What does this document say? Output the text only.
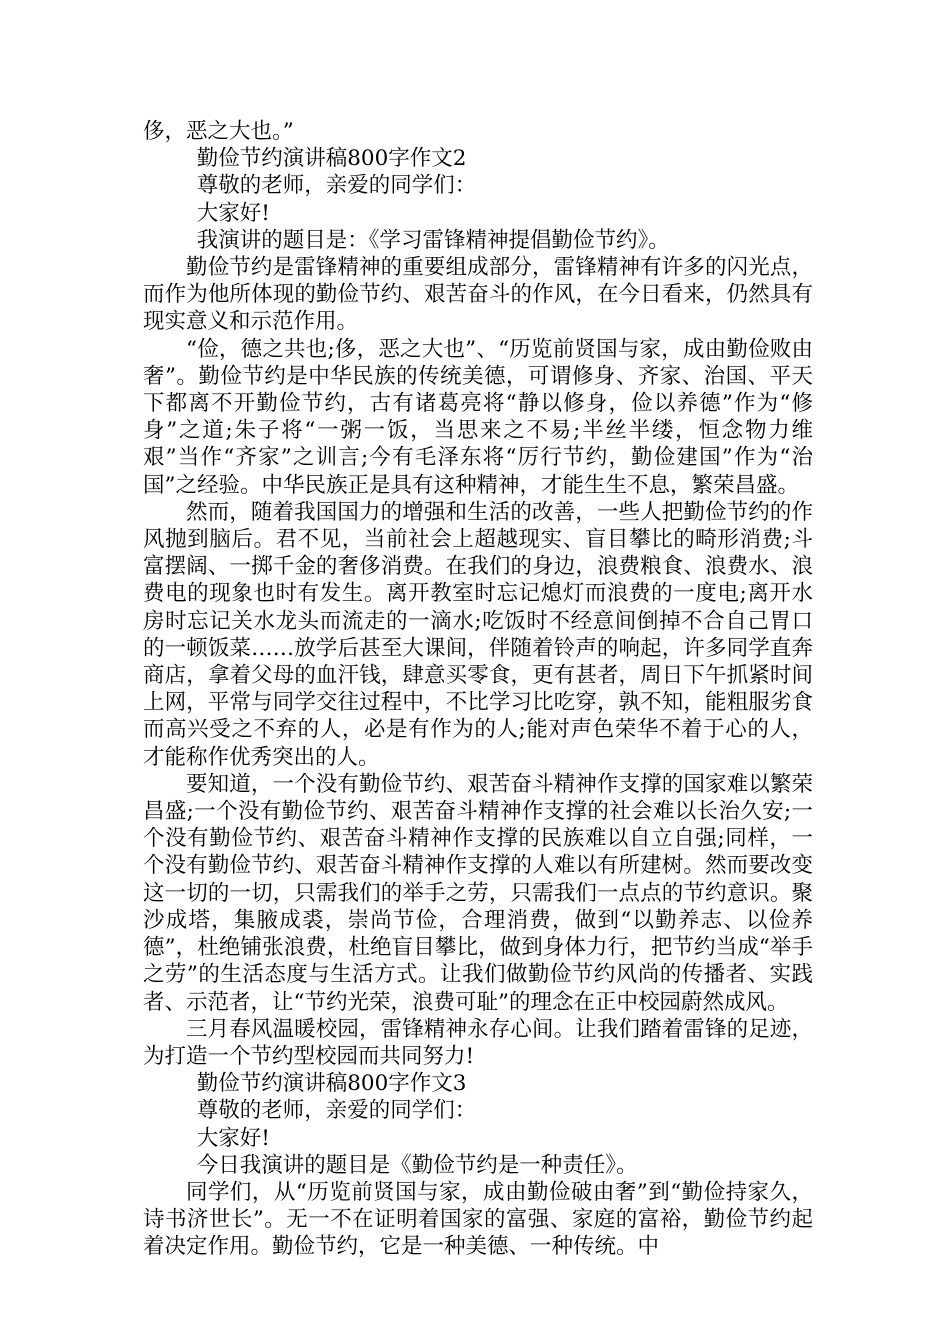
侈，恶之大也。”

勤俭节约演讲稿800字作文2

尊敬的老师，亲爱的同学们：

大家好!

我演讲的题目是：《学习雷锋精神提倡勤俭节约》。

勤俭节约是雷锋精神的重要组成部分，雷锋精神有许多的闪光点，而作为他所体现的勤俭节约、艰苦奋斗的作风，在今日看来，仍然具有现实意义和示范作用。

“俭，德之共也;侈，恶之大也”、“历览前贤国与家，成由勤俭败由奢”。勤俭节约是中华民族的传统美德，可谓修身、齐家、治国、平天下都离不开勤俭节约，古有诸葛亮将“静以修身，俭以养德”作为“修身”之道;朱子将“一粥一饭，当思来之不易;半丝半缕，恒念物力维艰”当作“齐家”之训言;今有毛泽东将“厉行节约，勤俭建国”作为“治国”之经验。中华民族正是具有这种精神，才能生生不息，繁荣昌盛。

然而，随着我国国力的增强和生活的改善，一些人把勤俭节约的作风抛到脑后。君不见，当前社会上超越现实、盲目攀比的畸形消费;斗富摆阔、一掷千金的奢侈消费。在我们的身边，浪费粮食、浪费水、浪费电的现象也时有发生。离开教室时忘记熄灯而浪费的一度电;离开水房时忘记关水龙头而流走的一滴水;吃饭时不经意间倒掉不合自己胃口的一顿饭菜……放学后甚至大课间，伴随着铃声的响起，许多同学直奔商店，拿着父母的血汗钱，肆意买零食，更有甚者，周日下午抓紧时间上网，平常与同学交往过程中，不比学习比吃穿，孰不知，能粗服劣食而高兴受之不弃的人，必是有作为的人;能对声色荣华不着于心的人，才能称作优秀突出的人。

要知道，一个没有勤俭节约、艰苦奋斗精神作支撑的国家难以繁荣昌盛;一个没有勤俭节约、艰苦奋斗精神作支撑的社会难以长治久安;一个没有勤俭节约、艰苦奋斗精神作支撑的民族难以自立自强;同样，一个没有勤俭节约、艰苦奋斗精神作支撑的人难以有所建树。然而要改变这一切的一切，只需我们的举手之劳，只需我们一点点的节约意识。聚沙成塔，集腋成裘，崇尚节俭，合理消费，做到“以勤养志、以俭养德”，杜绝铺张浪费，杜绝盲目攀比，做到身体力行，把节约当成“举手之劳”的生活态度与生活方式。让我们做勤俭节约风尚的传播者、实践者、示范者，让“节约光荣，浪费可耻”的理念在正中校园蔚然成风。

三月春风温暖校园，雷锋精神永存心间。让我们踏着雷锋的足迹，为打造一个节约型校园而共同努力!

勤俭节约演讲稿800字作文3

尊敬的老师，亲爱的同学们：

大家好!

今日我演讲的题目是《勤俭节约是一种责任》。

同学们，从“历览前贤国与家，成由勤俭破由奢”到“勤俭持家久，诗书济世长”。无一不在证明着国家的富强、家庭的富裕，勤俭节约起着决定作用。勤俭节约，它是一种美德、一种传统。中
